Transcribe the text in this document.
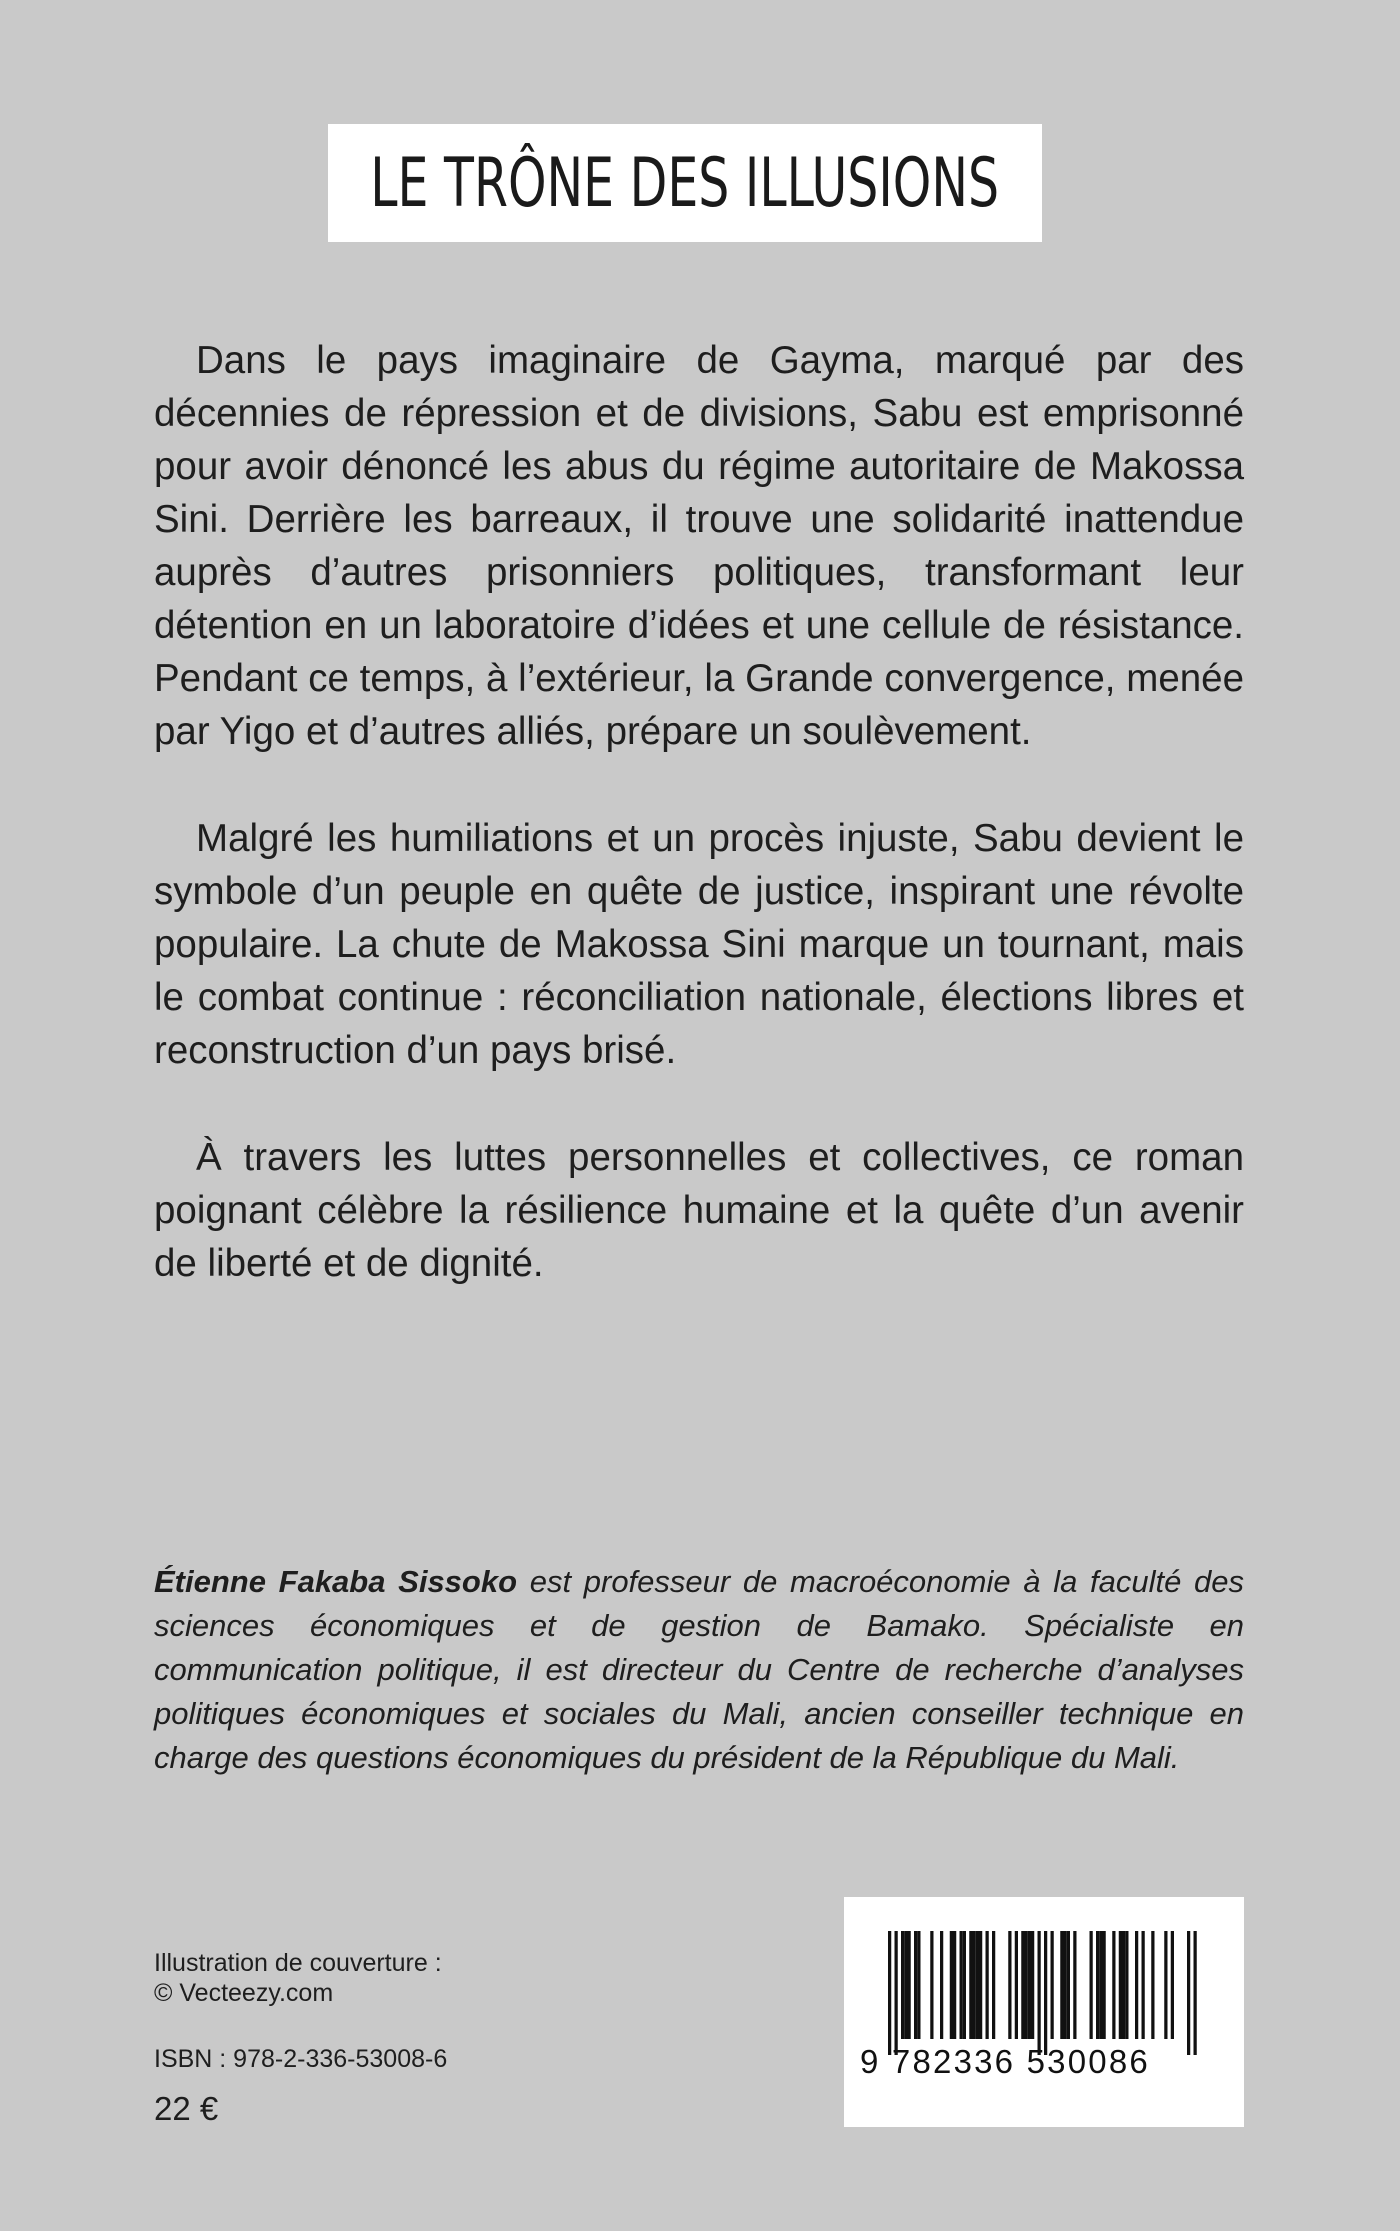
LE TRÔNE DES ILLUSIONS

Dans le pays imaginaire de Gayma, marqué par des décennies de répression et de divisions, Sabu est emprisonné pour avoir dénoncé les abus du régime autoritaire de Makossa Sini. Derrière les barreaux, il trouve une solidarité inattendue auprès d’autres prisonniers politiques, transformant leur détention en un laboratoire d’idées et une cellule de résistance. Pendant ce temps, à l’extérieur, la Grande convergence, menée par Yigo et d’autres alliés, prépare un soulèvement.

Malgré les humiliations et un procès injuste, Sabu devient le symbole d’un peuple en quête de justice, inspirant une révolte populaire. La chute de Makossa Sini marque un tournant, mais le combat continue : réconciliation nationale, élections libres et reconstruction d’un pays brisé.

À travers les luttes personnelles et collectives, ce roman poignant célèbre la résilience humaine et la quête d’un avenir de liberté et de dignité.

Étienne Fakaba Sissoko est professeur de macroéconomie à la faculté des sciences économiques et de gestion de Bamako. Spécialiste en communication politique, il est directeur du Centre de recherche d’analyses politiques économiques et sociales du Mali, ancien conseiller technique en charge des questions économiques du président de la République du Mali.

Illustration de couverture :
© Vecteezy.com
ISBN : 978-2-336-53008-6
22 €
9 782336 530086
